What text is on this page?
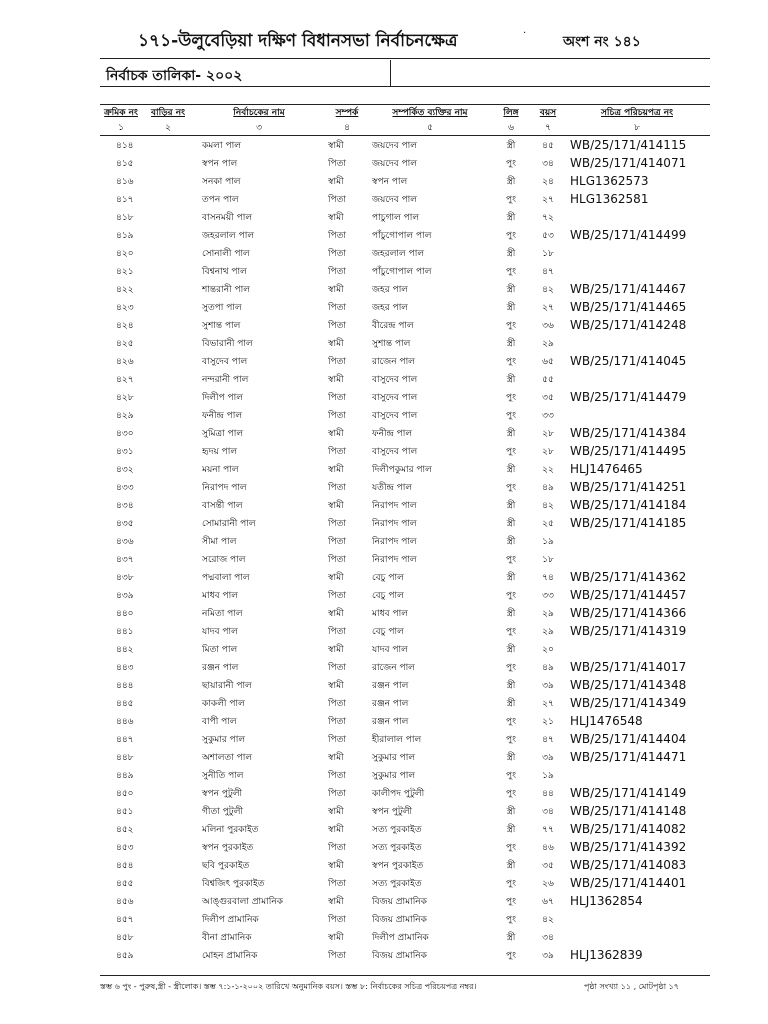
১৭১-উলুবেড়িয়া দক্ষিণ বিধানসভা নির্বাচনক্ষেত্র	·
অংশ নং ১৪১
নির্বাচক তালিকা- ২০০২
ক্রমিক নং	বাড়ির নং	নির্বাচকের নাম	সম্পর্ক	সম্পর্কিত ব্যক্তির নাম	লিঙ্গ	বয়স	সচিত্র পরিচয়পত্র নং
১	২	৩	৪	৫	৬	৭	৮
৪১৪		কমলা পাল	স্বামী	জয়দেব পাল	স্ত্রী	৪৫	WB/25/171/414115
৪১৫		স্বপন পাল	পিতা	জয়দেব পাল	পুং	৩৪	WB/25/171/414071
৪১৬		সনকা পাল	স্বামী	স্বপন পাল	স্ত্রী	২৪	HLG1362573
৪১৭		তপন পাল	পিতা	জয়দেব পাল	পুং	২৭	HLG1362581
৪১৮		বাসনময়ী পাল	স্বামী	পাচুগাল পাল	স্ত্রী	৭২	
৪১৯		জহরলাল পাল	পিতা	পাঁচুগোপাল পাল	পুং	৫৩	WB/25/171/414499
৪২০		সোনালী পাল	পিতা	জহরলাল পাল	স্ত্রী	১৮	
৪২১		বিশ্বনাথ পাল	পিতা	পাঁচুগোপাল পাল	পুং	৪৭	
৪২২		শান্তরানী পাল	স্বামী	জহর পাল	স্ত্রী	৪২	WB/25/171/414467
৪২৩		সুতপা পাল	পিতা	জহর পাল	স্ত্রী	২৭	WB/25/171/414465
৪২৪		সুশান্ত পাল	পিতা	বীরেন্দ্র পাল	পুং	৩৬	WB/25/171/414248
৪২৫		বিভারানী পাল	স্বামী	সুশান্ত পাল	স্ত্রী	২৯	
৪২৬		বাসুদেব পাল	পিতা	রাজেন পাল	পুং	৬৫	WB/25/171/414045
৪২৭		নন্দরানী পাল	স্বামী	বাসুদেব পাল	স্ত্রী	৫৫	
৪২৮		দিলীপ পাল	পিতা	বাসুদেব পাল	পুং	৩৫	WB/25/171/414479
৪২৯		ফনীন্দ্র পাল	পিতা	বাসুদেব পাল	পুং	৩৩	
৪৩০		সুমিত্রা পাল	স্বামী	ফনীন্দ্র পাল	স্ত্রী	২৮	WB/25/171/414384
৪৩১		হৃদয় পাল	পিতা	বাসুদেব পাল	পুং	২৮	WB/25/171/414495
৪৩২		ময়না পাল	স্বামী	দিলীপকুমার পাল	স্ত্রী	২২	HLJ1476465
৪৩৩		নিরাপদ পাল	পিতা	যতীন্দ্র পাল	পুং	৪৯	WB/25/171/414251
৪৩৪		বাসন্তী পাল	স্বামী	নিরাপদ পাল	স্ত্রী	৪২	WB/25/171/414184
৪৩৫		সোমারানী পাল	পিতা	নিরাপদ পাল	স্ত্রী	২৫	WB/25/171/414185
৪৩৬		সীমা পাল	পিতা	নিরাপদ পাল	স্ত্রী	১৯	
৪৩৭		সরোজ পাল	পিতা	নিরাপদ পাল	পুং	১৮	
৪৩৮		পদ্মবালা পাল	স্বামী	বেচু পাল	স্ত্রী	৭৪	WB/25/171/414362
৪৩৯		মাধব পাল	পিতা	বেচু পাল	পুং	৩৩	WB/25/171/414457
৪৪০		নমিতা পাল	স্বামী	মাধব পাল	স্ত্রী	২৯	WB/25/171/414366
৪৪১		যাদব পাল	পিতা	বেচু পাল	পুং	২৯	WB/25/171/414319
৪৪২		মিতা পাল	স্বামী	যাদব পাল	স্ত্রী	২০	
৪৪৩		রঞ্জন পাল	পিতা	রাজেন পাল	পুং	৪৯	WB/25/171/414017
৪৪৪		ছায়ারানী পাল	স্বামী	রঞ্জন পাল	স্ত্রী	৩৯	WB/25/171/414348
৪৪৫		কাকলী পাল	পিতা	রঞ্জন পাল	স্ত্রী	২৭	WB/25/171/414349
৪৪৬		বাপী পাল	পিতা	রঞ্জন পাল	পুং	২১	HLJ1476548
৪৪৭		সুকুমার পাল	পিতা	হীরালাল পাল	পুং	৪৭	WB/25/171/414404
৪৪৮		অশালতা পাল	স্বামী	সুকুমার পাল	স্ত্রী	৩৯	WB/25/171/414471
৪৪৯		সুনীতি পাল	পিতা	সুকুমার পাল	পুং	১৯	
৪৫০		স্বপন পুটুলী	পিতা	কালীপদ পুটুলী	পুং	৪৪	WB/25/171/414149
৪৫১		গীতা পুটুলী	স্বামী	স্বপন পুটুলী	স্ত্রী	৩৪	WB/25/171/414148
৪৫২		মলিনা পুরকাইত	স্বামী	সত্য পুরকাইত	স্ত্রী	৭৭	WB/25/171/414082
৪৫৩		স্বপন পুরকাইত	পিতা	সত্য পুরকাইত	পুং	৪৬	WB/25/171/414392
৪৫৪		ছবি পুরকাইত	স্বামী	স্বপন পুরকাইত	স্ত্রী	৩৫	WB/25/171/414083
৪৫৫		বিশ্বজিৎ পুরকাইত	পিতা	সত্য পুরকাইত	পুং	২৬	WB/25/171/414401
৪৫৬		আঙ্গুরবালা প্রামানিক	স্বামী	বিজয় প্রামানিক	পুং	৬৭	HLJ1362854
৪৫৭		দিলীপ প্রামানিক	পিতা	বিজয় প্রামানিক	পুং	৪২	
৪৫৮		বীনা প্রামানিক	স্বামী	দিলীপ প্রামানিক	স্ত্রী	৩৪	
৪৫৯		মোহন প্রামানিক	পিতা	বিজয় প্রামানিক	পুং	৩৯	HLJ1362839
স্তম্ভ ৬ পুং - পুরুষ,স্ত্রী - স্ত্রীলোক। স্তম্ভ ৭:১-১-২০০২ তারিখে অনুমানিক বয়স। স্তম্ভ ৮: নির্বাচকের সচিত্র পরিচয়পত্র নম্বর।	পৃষ্ঠা সংখ্যা ১১ , মোটপৃষ্ঠা ১৭
